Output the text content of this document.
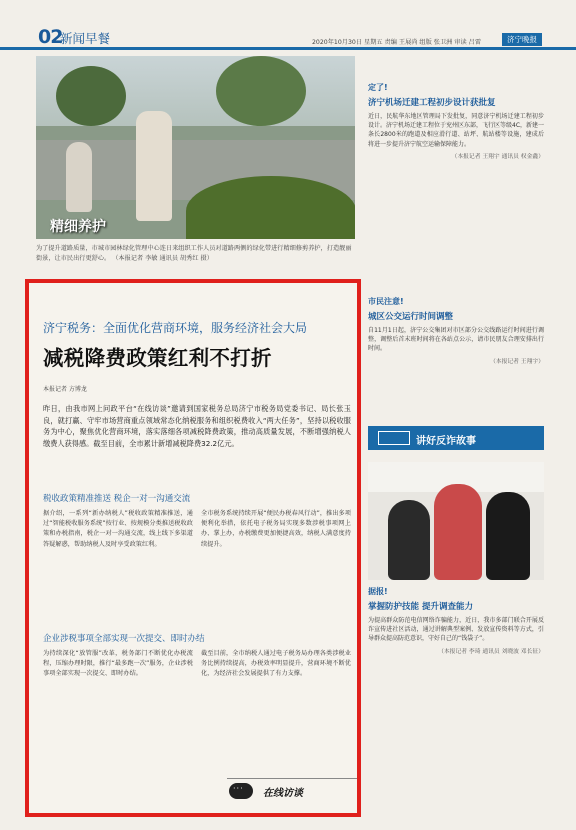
02
新闻早餐	2020年10月30日 星期五 责编 王展尚 组版 张卫洲 审读 吕雷	济宁晚报
精细养护
为了提升道路质量，市城市园林绿化管理中心连日来组织工作人员对道路两侧的绿化带进行精细修剪养护，打造靓丽街景，让市民出行更舒心。 （本报记者 李敏 通讯员 胡秀红 摄）
济宁税务：全面优化营商环境，服务经济社会大局
减税降费政策红利不打折
本报记者 方博龙
昨日，由我市网上问政平台“在线访谈”邀请到国家税务总局济宁市税务局党委书记、局长张玉良，就打赢、守牢市场营商重点领域常态化纳税服务和组织税费收入“两大任务”，坚持以税收服务为中心，聚焦优化营商环境，落实落细各项减税降费政策，推动高质量发展，不断增强纳税人缴费人获得感。截至目前，全市累计新增减税降费32.2亿元。
税收政策精准推送 税企一对一沟通交流
据介绍，一系列“新办纳税人”税收政策精准推送，通过“智能税收服务系统”按行业、按规模分类推送税收政策和办税指南，税企一对一沟通交流，线上线下多渠道答疑解惑，帮助纳税人及时享受政策红利。
全市税务系统持续开展“便民办税春风行动”，推出多项便利化举措，依托电子税务局实现多数涉税事项网上办、掌上办，办税缴费更加便捷高效，纳税人满意度持续提升。
企业涉税事项全部实现一次提交、即时办结
为持续深化“放管服”改革，税务部门不断优化办税流程，压缩办理时限，推行“最多跑一次”服务，企业涉税事项全部实现一次提交、即时办结。
截至目前，全市纳税人通过电子税务局办理各类涉税业务比例持续提高，办税效率明显提升，营商环境不断优化，为经济社会发展提供了有力支撑。
···
在线访谈
定了!
济宁机场迁建工程初步设计获批复
近日，民航华东地区管理局下发批复，同意济宁机场迁建工程初步设计。济宁机场迁建工程位于兖州区东部，飞行区等级4C，新建一条长2800米的跑道及相应滑行道、站坪、航站楼等设施，建成后将进一步提升济宁航空运输保障能力。
（本报记者 王翔宇 通讯员 权金鑫）
市民注意!
城区公交运行时间调整
自11月1日起，济宁公交集团对市区部分公交线路运行时间进行调整，调整后首末班时间将在各站点公示，请市民朋友合理安排出行时间。
（本报记者 王翔宇）
讲好反诈故事
据报!
掌握防护技能 提升调查能力
为提高群众防范电信网络诈骗能力，近日，我市多部门联合开展反诈宣传进社区活动，通过讲解典型案例、发放宣传资料等方式，引导群众提高防范意识，守好自己的“钱袋子”。
（本报记者 李琦 通讯员 刘晓波 邓长征）
